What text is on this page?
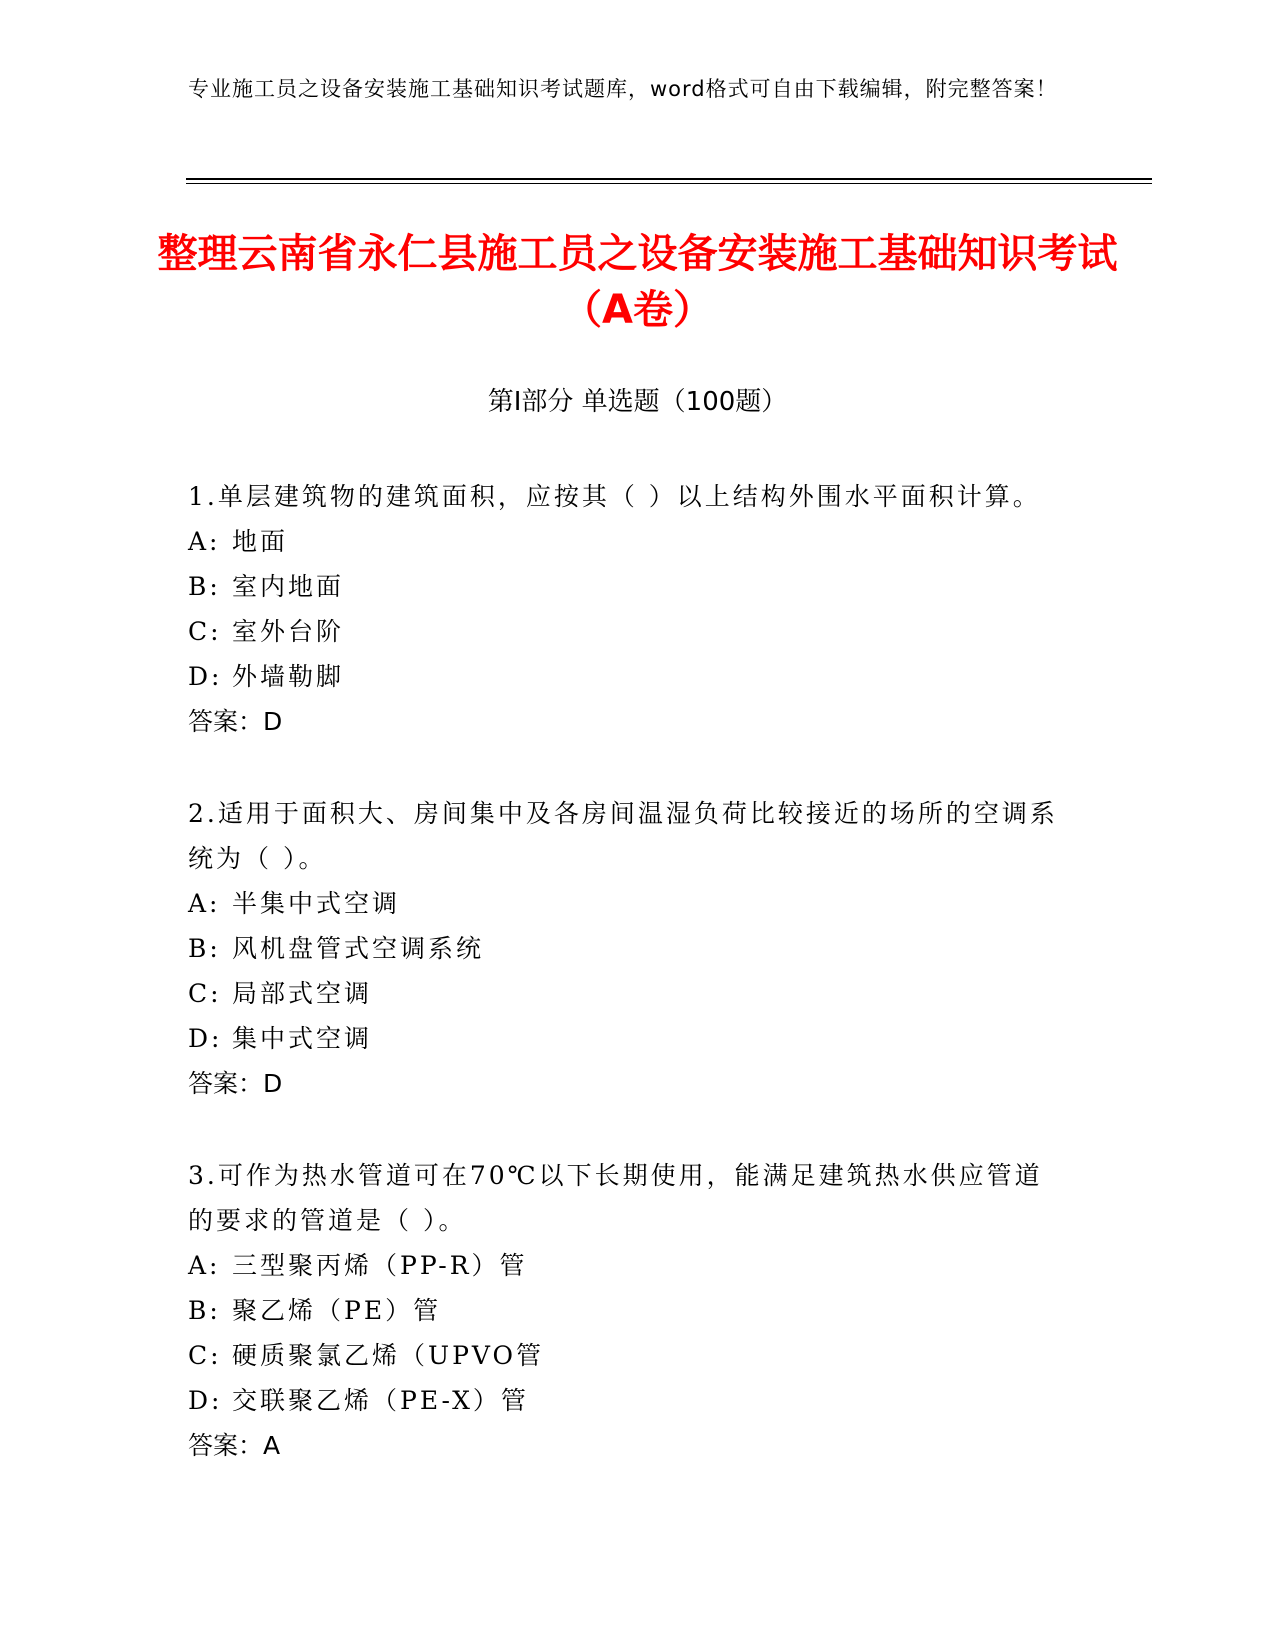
专业施工员之设备安装施工基础知识考试题库，word格式可自由下载编辑，附完整答案！
整理云南省永仁县施工员之设备安装施工基础知识考试（A卷）
第I部分 单选题（100题）
1.单层建筑物的建筑面积，应按其（ ）以上结构外围水平面积计算。
A: 地面
B: 室内地面
C: 室外台阶
D: 外墙勒脚
答案：D
2.适用于面积大、房间集中及各房间温湿负荷比较接近的场所的空调系统为（ ）。
A: 半集中式空调
B: 风机盘管式空调系统
C: 局部式空调
D: 集中式空调
答案：D
3.可作为热水管道可在70℃以下长期使用，能满足建筑热水供应管道的要求的管道是（ ）。
A: 三型聚丙烯（PP-R）管
B: 聚乙烯（PE）管
C: 硬质聚氯乙烯（UPVO管
D: 交联聚乙烯（PE-X）管
答案：A
